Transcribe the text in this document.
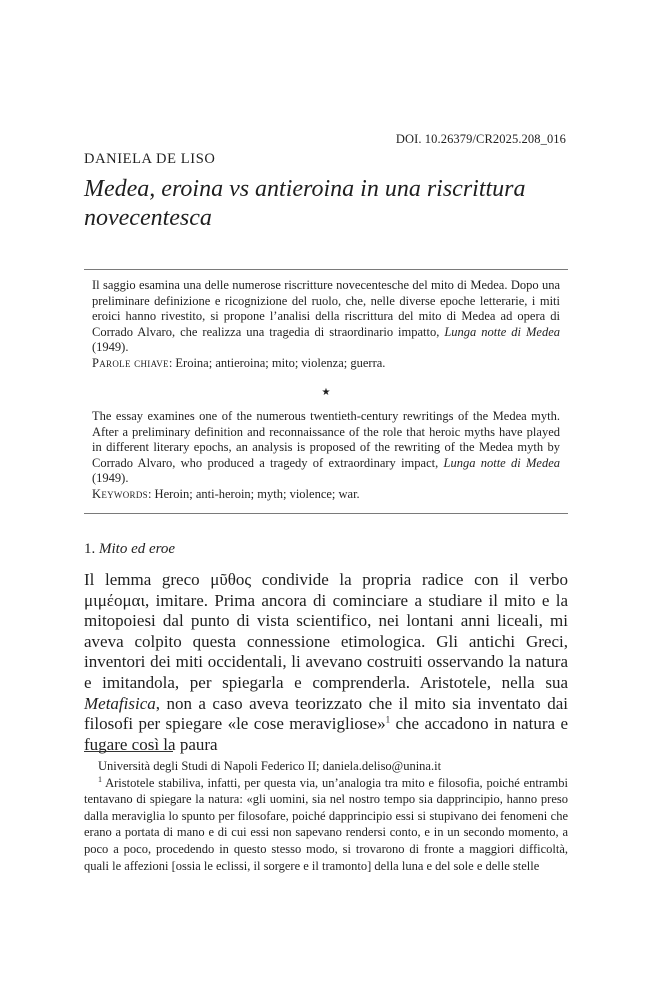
DOI. 10.26379/CR2025.208_016
DANIELA DE LISO
Medea, eroina vs antieroina in una riscrittura novecentesca

Il saggio esamina una delle numerose riscritture novecentesche del mito di Medea. Dopo una preliminare definizione e ricognizione del ruolo, che, nelle diverse epoche letterarie, i miti eroici hanno rivestito, si propone l’analisi della riscrittura del mito di Medea ad opera di Corrado Alvaro, che realizza una tragedia di straordinario impatto, Lunga notte di Medea (1949).
Parole chiave: Eroina; antieroina; mito; violenza; guerra.

★

The essay examines one of the numerous twentieth-century rewritings of the Medea myth. After a preliminary definition and reconnaissance of the role that heroic myths have played in different literary epochs, an analysis is proposed of the rewriting of the Medea myth by Corrado Alvaro, who produced a tragedy of extraordinary impact, Lunga notte di Medea (1949).
Keywords: Heroin; anti-heroin; myth; violence; war.

1. Mito ed eroe

Il lemma greco μῦθος condivide la propria radice con il verbo μιμέομαι, imitare. Prima ancora di cominciare a studiare il mito e la mitopoiesi dal punto di vista scientifico, nei lontani anni liceali, mi aveva colpito questa connessione etimologica. Gli antichi Greci, inventori dei miti occidentali, li avevano costruiti osservando la natura e imitandola, per spiegarla e comprenderla. Aristotele, nella sua Metafisica, non a caso aveva teorizzato che il mito sia inventato dai filosofi per spiegare «le cose meravigliose»$^1$ che accadono in natura e fugare così la paura

Università degli Studi di Napoli Federico II; daniela.deliso@unina.it

$^1$ Aristotele stabiliva, infatti, per questa via, un’analogia tra mito e filosofia, poiché entrambi tentavano di spiegare la natura: «gli uomini, sia nel nostro tempo sia dapprincipio, hanno preso dalla meraviglia lo spunto per filosofare, poiché dapprincipio essi si stupivano dei fenomeni che erano a portata di mano e di cui essi non sapevano rendersi conto, e in un secondo momento, a poco a poco, procedendo in questo stesso modo, si trovarono di fronte a maggiori difficoltà, quali le affezioni [ossia le eclissi, il sorgere e il tramonto] della luna e del sole e delle stelle
